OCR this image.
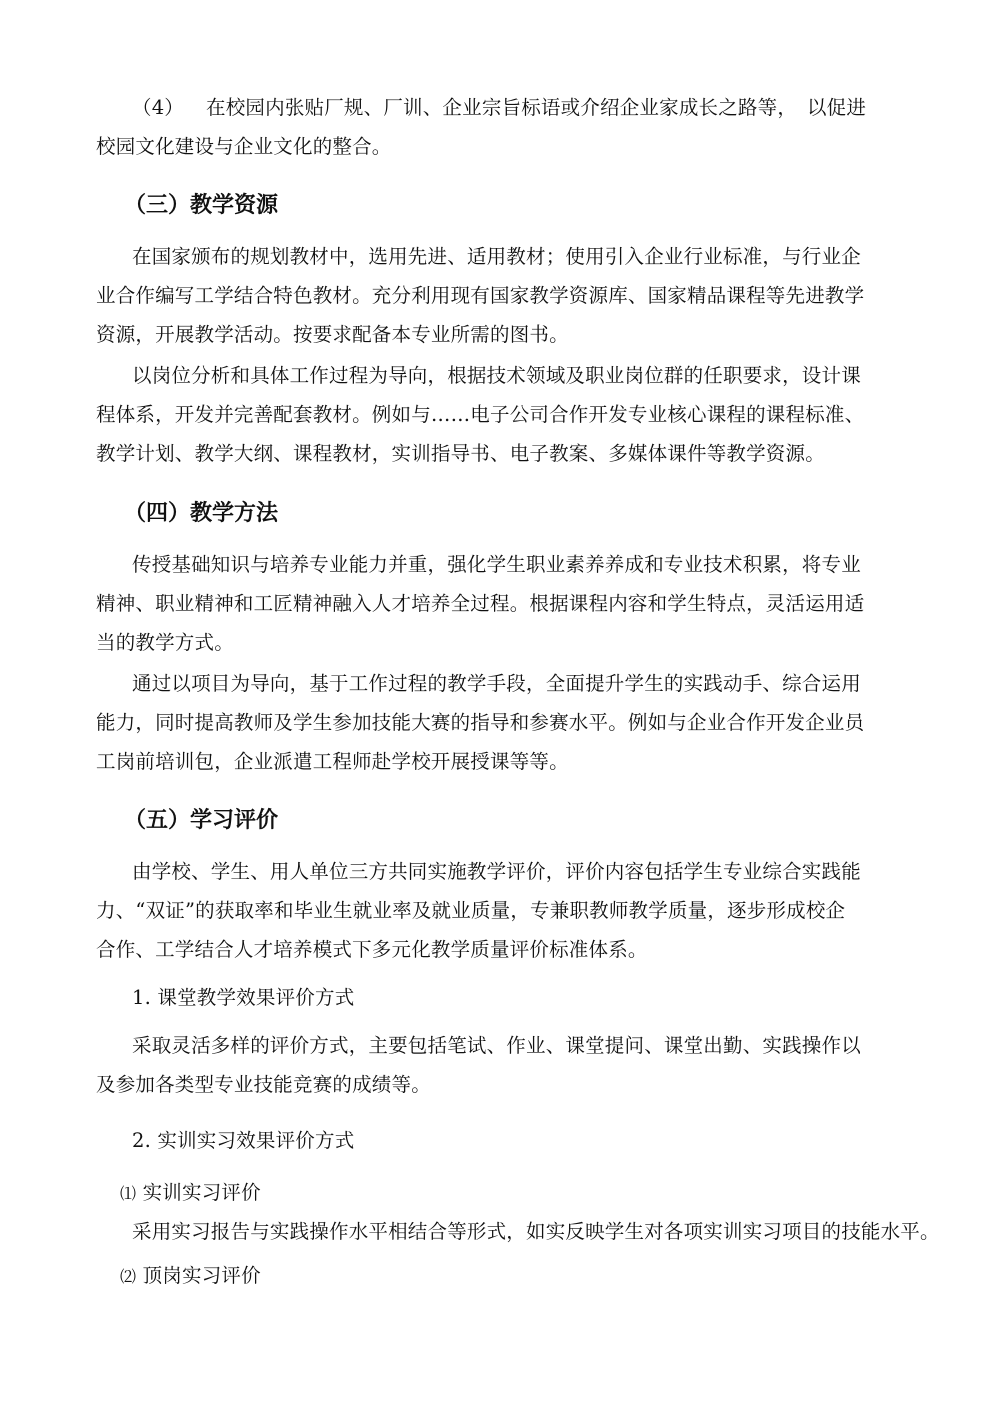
（4） 在校园内张贴厂规、厂训、企业宗旨标语或介绍企业家成长之路等，　以促进
校园文化建设与企业文化的整合。
（三）教学资源
在国家颁布的规划教材中，选用先进、适用教材；使用引入企业行业标准，与行业企
业合作编写工学结合特色教材。充分利用现有国家教学资源库、国家精品课程等先进教学
资源，开展教学活动。按要求配备本专业所需的图书。
以岗位分析和具体工作过程为导向，根据技术领域及职业岗位群的任职要求，设计课
程体系，开发并完善配套教材。例如与……电子公司合作开发专业核心课程的课程标准、
教学计划、教学大纲、课程教材，实训指导书、电子教案、多媒体课件等教学资源。
（四）教学方法
传授基础知识与培养专业能力并重，强化学生职业素养养成和专业技术积累，将专业
精神、职业精神和工匠精神融入人才培养全过程。根据课程内容和学生特点，灵活运用适
当的教学方式。
通过以项目为导向，基于工作过程的教学手段，全面提升学生的实践动手、综合运用
能力，同时提高教师及学生参加技能大赛的指导和参赛水平。例如与企业合作开发企业员
工岗前培训包，企业派遣工程师赴学校开展授课等等。
（五）学习评价
由学校、学生、用人单位三方共同实施教学评价，评价内容包括学生专业综合实践能
力、“双证”的获取率和毕业生就业率及就业质量，专兼职教师教学质量，逐步形成校企
合作、工学结合人才培养模式下多元化教学质量评价标准体系。
1. 课堂教学效果评价方式
采取灵活多样的评价方式，主要包括笔试、作业、课堂提问、课堂出勤、实践操作以
及参加各类型专业技能竞赛的成绩等。
2. 实训实习效果评价方式
⑴ 实训实习评价
采用实习报告与实践操作水平相结合等形式，如实反映学生对各项实训实习项目的技能水平。
⑵ 顶岗实习评价
